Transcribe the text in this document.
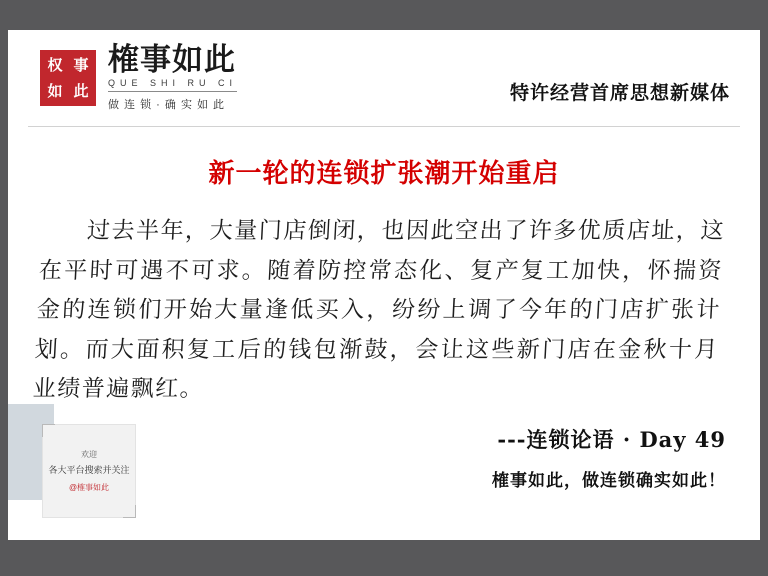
权 事
如 此
榷事如此
QUE SHI RU CI
做 连 锁 · 确 实 如 此
特许经营首席思想新媒体
新一轮的连锁扩张潮开始重启
过去半年，大量门店倒闭，也因此空出了许多优质店址，这在平时可遇不可求。随着防控常态化、复产复工加快，怀揣资金的连锁们开始大量逢低买入，纷纷上调了今年的门店扩张计划。而大面积复工后的钱包渐鼓，会让这些新门店在金秋十月业绩普遍飘红。
---连锁论语 · Day 49
榷事如此，做连锁确实如此！
欢迎
各大平台搜索并关注
@榷事如此
